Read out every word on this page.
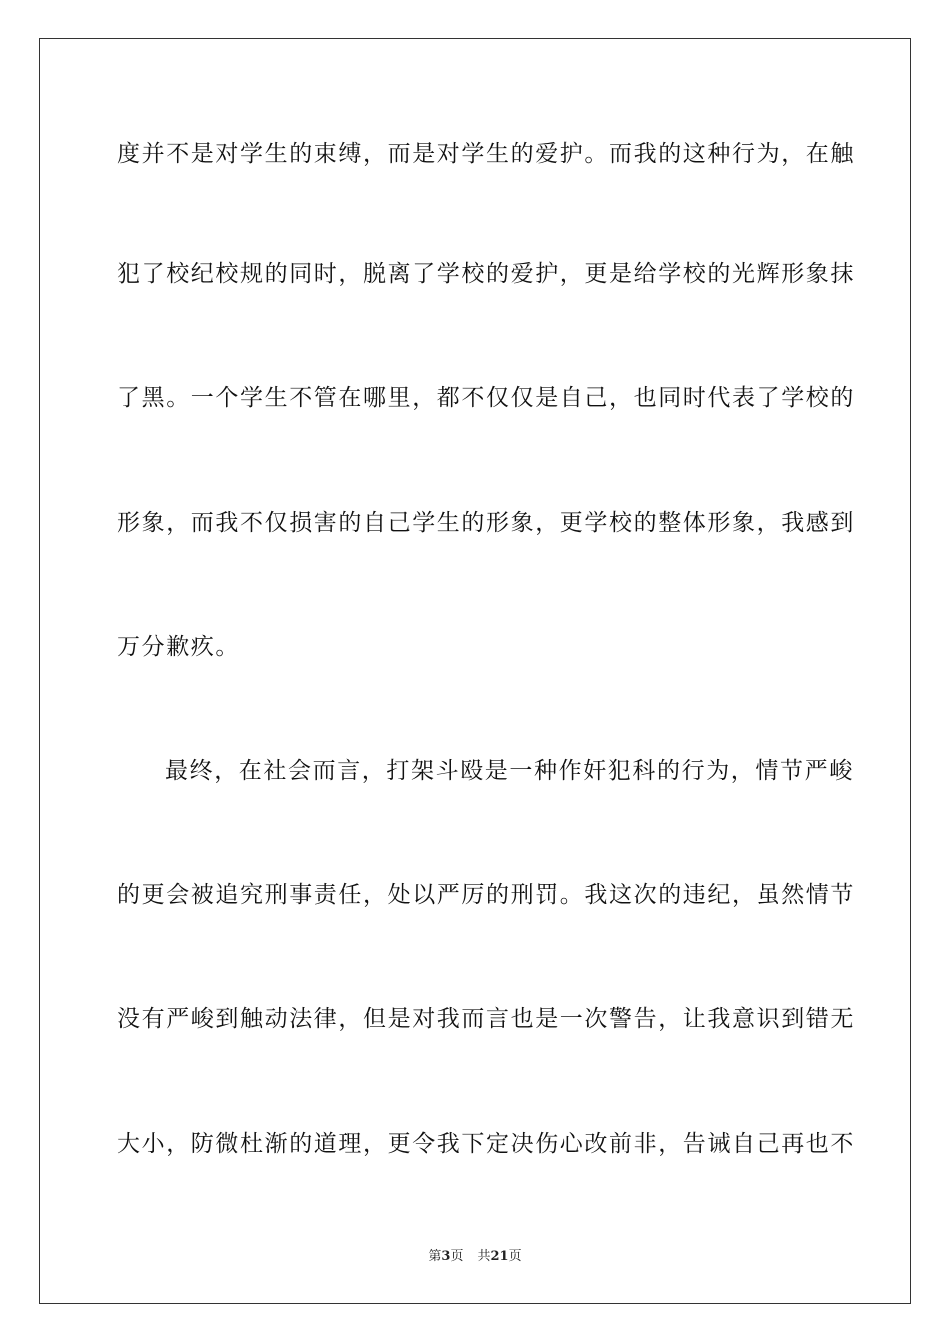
度并不是对学生的束缚，而是对学生的爱护。而我的这种行为，在触
犯了校纪校规的同时，脱离了学校的爱护，更是给学校的光辉形象抹
了黑。一个学生不管在哪里，都不仅仅是自己，也同时代表了学校的
形象，而我不仅损害的自己学生的形象，更学校的整体形象，我感到
万分歉疚。
最终，在社会而言，打架斗殴是一种作奸犯科的行为，情节严峻
的更会被追究刑事责任，处以严厉的刑罚。我这次的违纪，虽然情节
没有严峻到触动法律，但是对我而言也是一次警告，让我意识到错无
大小，防微杜渐的道理，更令我下定决伤心改前非，告诫自己再也不
第3页 共21页
